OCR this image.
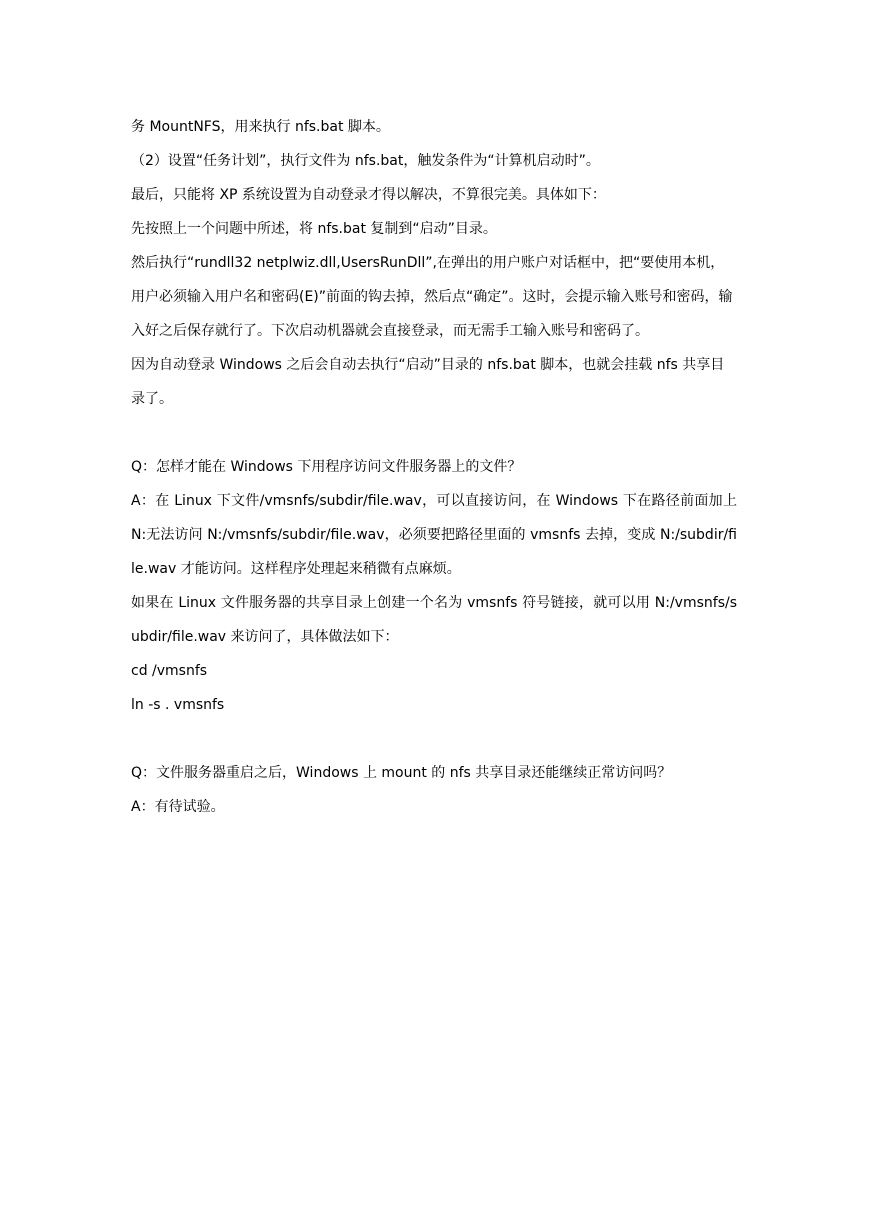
务 MountNFS，用来执行 nfs.bat 脚本。

（2）设置“任务计划”，执行文件为 nfs.bat，触发条件为“计算机启动时”。

最后，只能将 XP 系统设置为自动登录才得以解决，不算很完美。具体如下：

先按照上一个问题中所述，将 nfs.bat 复制到“启动”目录。

然后执行“rundll32 netplwiz.dll,UsersRunDll”,在弹出的用户账户对话框中，把“要使用本机，用户必须输入用户名和密码(E)”前面的钩去掉，然后点“确定”。这时，会提示输入账号和密码，输入好之后保存就行了。下次启动机器就会直接登录，而无需手工输入账号和密码了。

因为自动登录 Windows 之后会自动去执行“启动”目录的 nfs.bat 脚本，也就会挂载 nfs 共享目录了。

Q：怎样才能在 Windows 下用程序访问文件服务器上的文件？

A：在 Linux 下文件/vmsnfs/subdir/file.wav，可以直接访问，在 Windows 下在路径前面加上 N:无法访问 N:/vmsnfs/subdir/file.wav，必须要把路径里面的 vmsnfs 去掉，变成 N:/subdir/file.wav 才能访问。这样程序处理起来稍微有点麻烦。

如果在 Linux 文件服务器的共享目录上创建一个名为 vmsnfs 符号链接，就可以用 N:/vmsnfs/subdir/file.wav 来访问了，具体做法如下：

cd /vmsnfs

ln -s . vmsnfs

Q：文件服务器重启之后，Windows 上 mount 的 nfs 共享目录还能继续正常访问吗？

A：有待试验。
